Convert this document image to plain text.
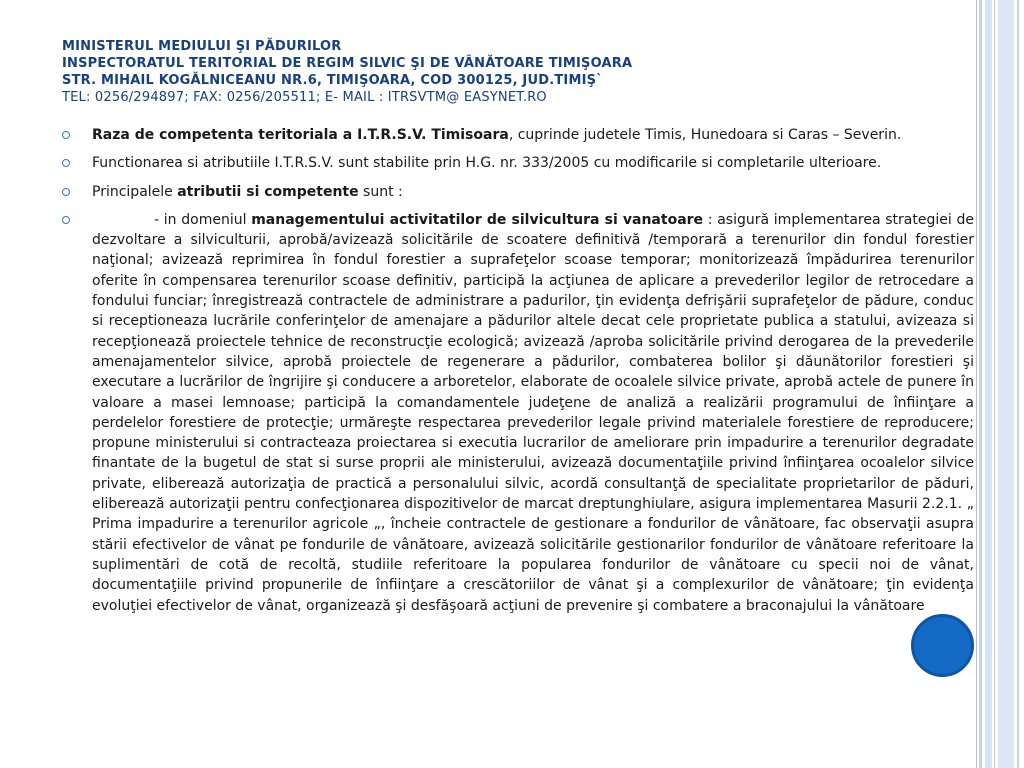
MINISTERUL MEDIULUI ŞI PĂDURILOR
INSPECTORATUL TERITORIAL DE REGIM SILVIC ŞI DE VÂNĂTOARE TIMIŞOARA
STR. MIHAIL KOGĂLNICEANU NR.6, TIMIŞOARA, COD 300125, JUD.TIMIŞ`
TEL: 0256/294897; FAX: 0256/205511; E- MAIL : ITRSVTM@ EASYNET.RO
Raza de competenta teritoriala a I.T.R.S.V. Timisoara, cuprinde judetele Timis, Hunedoara si Caras – Severin.
Functionarea si atributiile I.T.R.S.V. sunt stabilite prin H.G. nr. 333/2005 cu modificarile si completarile ulterioare.
Principalele atributii si competente sunt :
- in domeniul managementului activitatilor de silvicultura si vanatoare : asigură implementarea strategiei de dezvoltare a silviculturii, aprobă/avizează solicitările de scoatere definitivă /temporară a terenurilor din fondul forestier naţional; avizează reprimirea în fondul forestier a suprafeţelor scoase temporar; monitorizează împădurirea terenurilor oferite în compensarea terenurilor scoase definitiv, participă la acţiunea de aplicare a prevederilor legilor de retrocedare a fondului funciar; înregistrează contractele de administrare a padurilor, ţin evidenţa defrişării suprafeţelor de pădure, conduc si receptioneaza lucrările conferinţelor de amenajare a pădurilor altele decat cele proprietate publica a statului, avizeaza si recepţionează proiectele tehnice de reconstrucţie ecologică; avizează /aproba solicitările privind derogarea de la prevederile amenajamentelor silvice, aprobă proiectele de regenerare a pădurilor, combaterea bolilor şi dăunătorilor forestieri şi executare a lucrărilor de îngrijire şi conducere a arboretelor, elaborate de ocoalele silvice private, aprobă actele de punere în valoare a masei lemnoase; participă la comandamentele judeţene de analiză a realizării programului de înfiinţare a perdelelor forestiere de protecţie; urmăreşte respectarea prevederilor legale privind materialele forestiere de reproducere; propune ministerului si contracteaza proiectarea si executia lucrarilor de ameliorare prin impadurire a terenurilor degradate finantate de la bugetul de stat si surse proprii ale ministerului, avizează documentaţiile privind înfiinţarea ocoalelor silvice private, eliberează autorizaţia de practică a personalului silvic, acordă consultanţă de specialitate proprietarilor de păduri, eliberează autorizaţii pentru confecţionarea dispozitivelor de marcat dreptunghiulare, asigura implementarea Masurii 2.2.1. „ Prima impadurire a terenurilor agricole „, încheie contractele de gestionare a fondurilor de vânătoare, fac observaţii asupra stării efectivelor de vânat pe fondurile de vânătoare, avizează solicitările gestionarilor fondurilor de vânătoare referitoare la suplimentări de cotă de recoltă, studiile referitoare la popularea fondurilor de vânătoare cu specii noi de vânat, documentaţiile privind propunerile de înfiinţare a crescătoriilor de vânat şi a complexurilor de vânătoare; ţin evidenţa evoluţiei efectivelor de vânat, organizează şi desfăşoară acţiuni de prevenire şi combatere a braconajului la vânătoare
